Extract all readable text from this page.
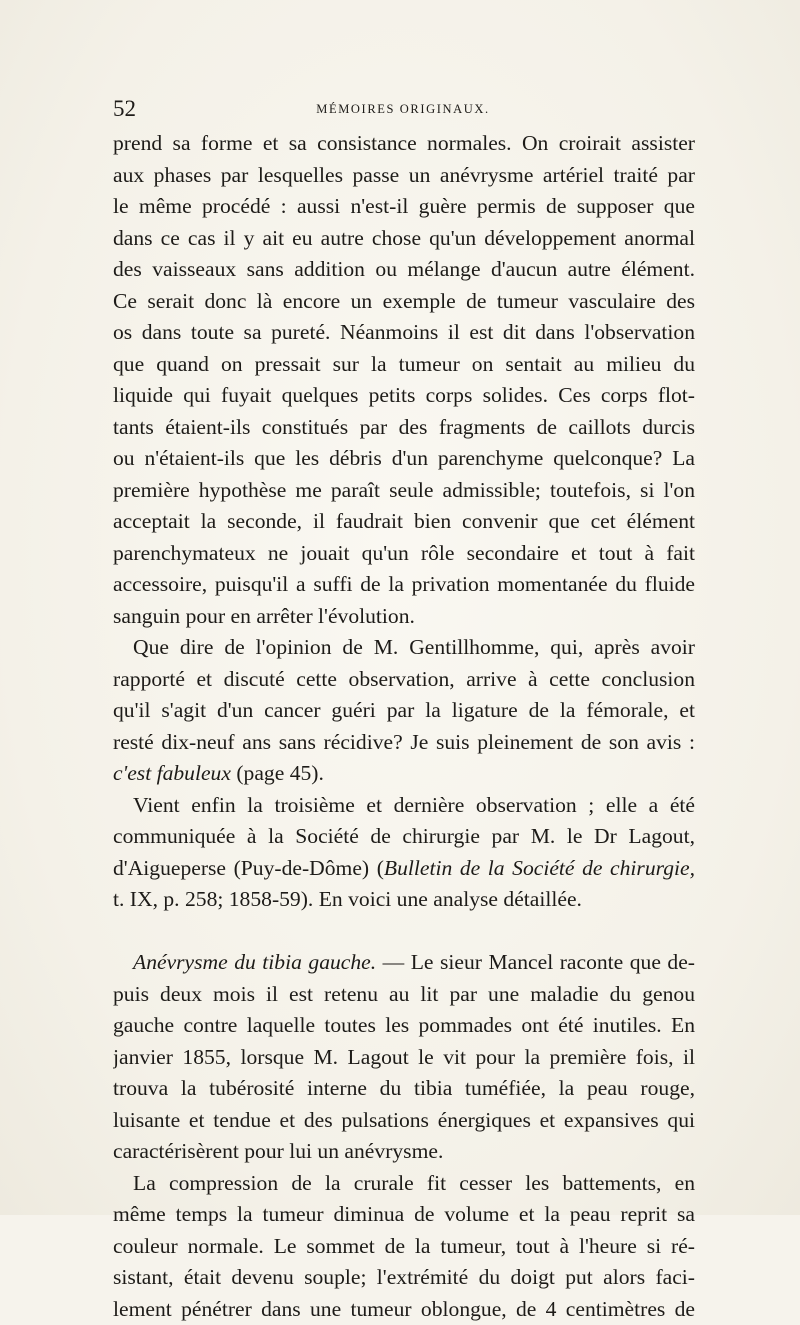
52	MÉMOIRES ORIGINAUX.
prend sa forme et sa consistance normales. On croirait assister
aux phases par lesquelles passe un anévrysme artériel traité par
le même procédé : aussi n'est-il guère permis de supposer que
dans ce cas il y ait eu autre chose qu'un développement anormal
des vaisseaux sans addition ou mélange d'aucun autre élément.
Ce serait donc là encore un exemple de tumeur vasculaire des
os dans toute sa pureté. Néanmoins il est dit dans l'observation
que quand on pressait sur la tumeur on sentait au milieu du
liquide qui fuyait quelques petits corps solides. Ces corps flot-
tants étaient-ils constitués par des fragments de caillots durcis
ou n'étaient-ils que les débris d'un parenchyme quelconque? La
première hypothèse me paraît seule admissible; toutefois, si l'on
acceptait la seconde, il faudrait bien convenir que cet élément
parenchymateux ne jouait qu'un rôle secondaire et tout à fait
accessoire, puisqu'il a suffi de la privation momentanée du fluide
sanguin pour en arrêter l'évolution.
Que dire de l'opinion de M. Gentillhomme, qui, après avoir
rapporté et discuté cette observation, arrive à cette conclusion
qu'il s'agit d'un cancer guéri par la ligature de la fémorale, et
resté dix-neuf ans sans récidive? Je suis pleinement de son avis :
c'est fabuleux (page 45).
Vient enfin la troisième et dernière observation ; elle a été
communiquée à la Société de chirurgie par M. le Dr Lagout,
d'Aigueperse (Puy-de-Dôme) (Bulletin de la Société de chirurgie,
t. IX, p. 258; 1858-59). En voici une analyse détaillée.
Anévrysme du tibia gauche. — Le sieur Mancel raconte que de-
puis deux mois il est retenu au lit par une maladie du genou
gauche contre laquelle toutes les pommades ont été inutiles. En
janvier 1855, lorsque M. Lagout le vit pour la première fois, il
trouva la tubérosité interne du tibia tuméfiée, la peau rouge,
luisante et tendue et des pulsations énergiques et expansives qui
caractérisèrent pour lui un anévrysme.
La compression de la crurale fit cesser les battements, en
même temps la tumeur diminua de volume et la peau reprit sa
couleur normale. Le sommet de la tumeur, tout à l'heure si ré-
sistant, était devenu souple; l'extrémité du doigt put alors faci-
lement pénétrer dans une tumeur oblongue, de 4 centimètres de
